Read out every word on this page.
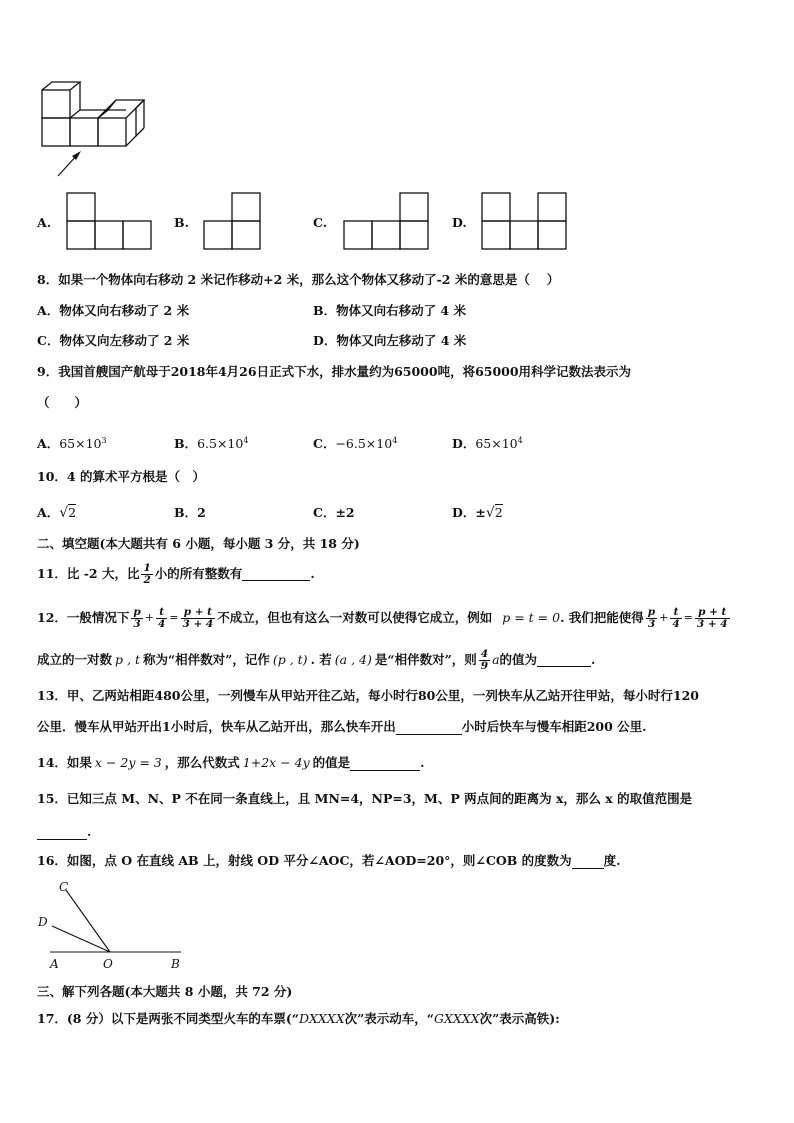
A.	B.	C.	D.
8．如果一个物体向右移动 2 米记作移动+2 米，那么这个物体又移动了-2 米的意思是（　 ）
A．物体又向右移动了 2 米	B．物体又向右移动了 4 米
C．物体又向左移动了 2 米	D．物体又向左移动了 4 米
9．我国首艘国产航母于2018年4月26日正式下水，排水量约为65000吨，将65000用科学记数法表示为
（　　）
A．$65\times 10^3$	B．$6.5\times 10^4$	C．$-6.5\times 10^4$	D．$65\times 10^4$
10．4 的算术平方根是（　）
A．√2	B．2	C．±2	D．±√2
二、填空题(本大题共有 6 小题，每小题 3 分，共 18 分)
11．比 -2 大，比 $\frac{1}{2}$ 小的所有整数有	.
12．一般情况下 $\frac{p}{3} + \frac{t}{4} = \frac{p + t}{3 + 4}$ 不成立，但也有这么一对数可以使得它成立，例如 p = t = 0 . 我们把能使得 $\frac{p}{3} + \frac{t}{4} = \frac{p + t}{3 + 4}$
成立的一对数 p , t 称为“相伴数对”，记作 (p , t) . 若 (a , 4) 是“相伴数对”，则 $\frac{4}{9}$ a 的值为	.
13．甲、乙两站相距480公里，一列慢车从甲站开往乙站，每小时行80公里，一列快车从乙站开往甲站，每小时行120
公里．慢车从甲站开出1小时后，快车从乙站开出，那么快车开出	小时后快车与慢车相距200 公里.
14．如果 x − 2y = 3 ，那么代数式 1+2x − 4y 的值是	.
15．已知三点 M、N、P 不在同一条直线上，且 MN=4，NP=3，M、P 两点间的距离为 x，那么 x 的取值范围是
.
16．如图，点 O 在直线 AB 上，射线 OD 平分∠AOC，若∠AOD=20°，则∠COB 的度数为	度.
C
D
A	O	B
三、解下列各题(本大题共 8 小题，共 72 分)
17．(8 分）以下是两张不同类型火车的车票(“DXXXX次”表示动车，“GXXXX次”表示高铁):
